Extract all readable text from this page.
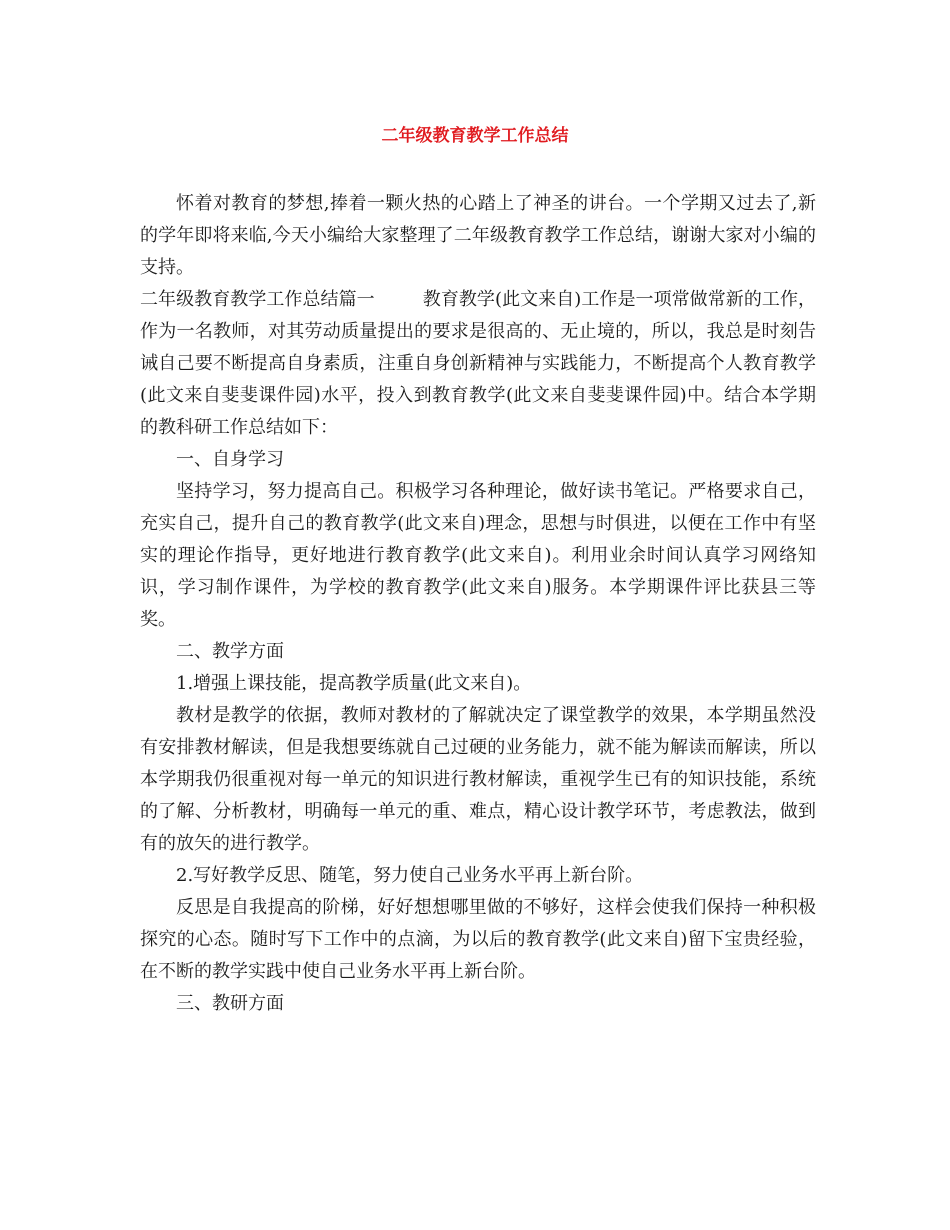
二年级教育教学工作总结

怀着对教育的梦想,捧着一颗火热的心踏上了神圣的讲台。一个学期又过去了,新的学年即将来临,今天小编给大家整理了二年级教育教学工作总结，谢谢大家对小编的支持。

二年级教育教学工作总结篇一	教育教学(此文来自)工作是一项常做常新的工作，作为一名教师，对其劳动质量提出的要求是很高的、无止境的，所以，我总是时刻告诫自己要不断提高自身素质，注重自身创新精神与实践能力，不断提高个人教育教学(此文来自斐斐课件园)水平，投入到教育教学(此文来自斐斐课件园)中。结合本学期的教科研工作总结如下：

一、自身学习

坚持学习，努力提高自己。积极学习各种理论，做好读书笔记。严格要求自己，充实自己，提升自己的教育教学(此文来自)理念，思想与时俱进，以便在工作中有坚实的理论作指导，更好地进行教育教学(此文来自)。利用业余时间认真学习网络知识，学习制作课件，为学校的教育教学(此文来自)服务。本学期课件评比获县三等奖。

二、教学方面

1.增强上课技能，提高教学质量(此文来自)。

教材是教学的依据，教师对教材的了解就决定了课堂教学的效果，本学期虽然没有安排教材解读，但是我想要练就自己过硬的业务能力，就不能为解读而解读，所以本学期我仍很重视对每一单元的知识进行教材解读，重视学生已有的知识技能，系统的了解、分析教材，明确每一单元的重、难点，精心设计教学环节，考虑教法，做到有的放矢的进行教学。

2.写好教学反思、随笔，努力使自己业务水平再上新台阶。

反思是自我提高的阶梯，好好想想哪里做的不够好，这样会使我们保持一种积极探究的心态。随时写下工作中的点滴，为以后的教育教学(此文来自)留下宝贵经验，在不断的教学实践中使自己业务水平再上新台阶。

三、教研方面
